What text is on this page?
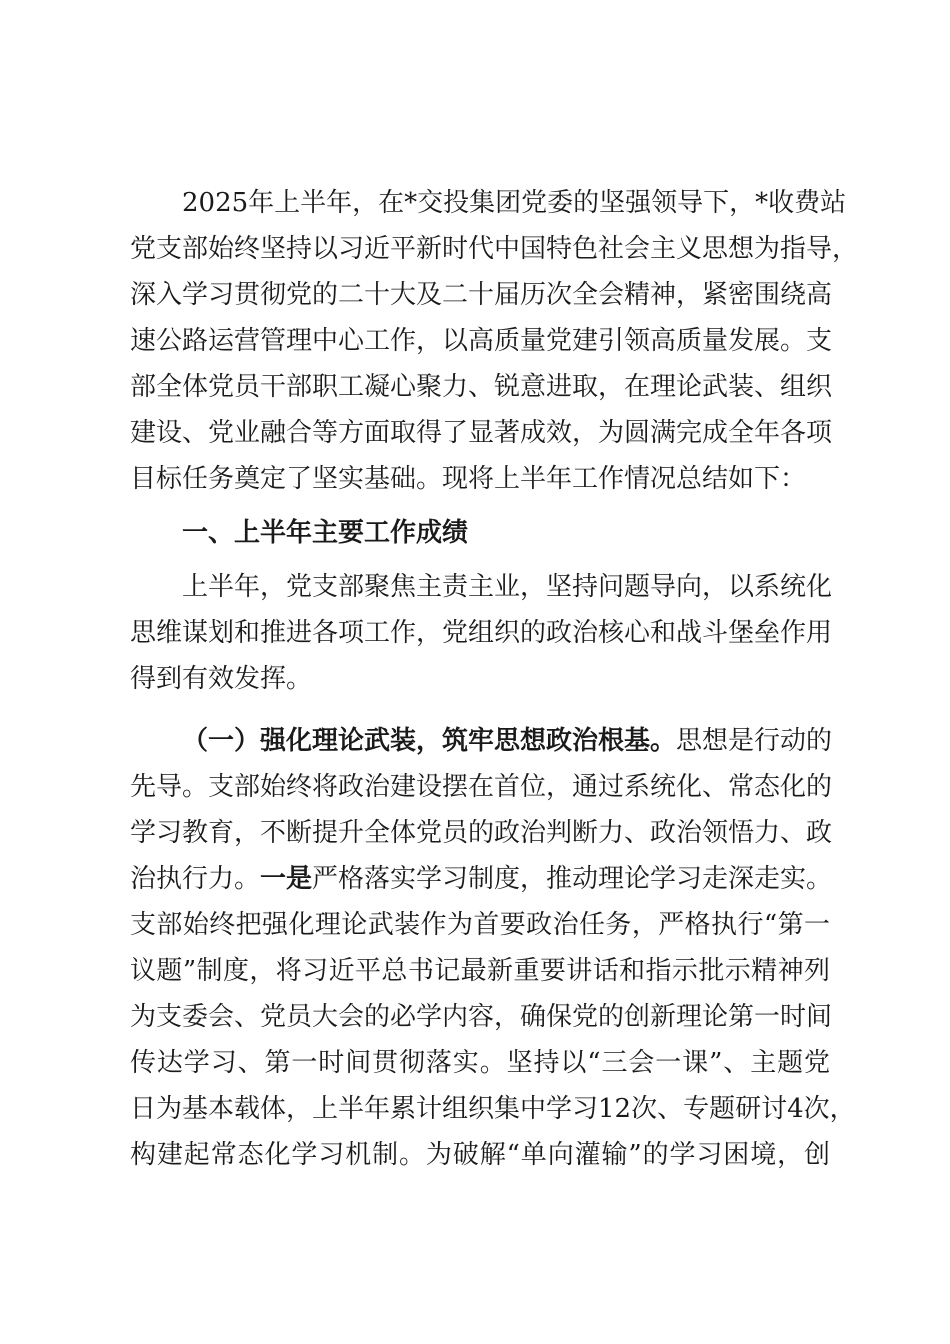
2025年上半年，在*交投集团党委的坚强领导下，*收费站
党支部始终坚持以习近平新时代中国特色社会主义思想为指导，
深入学习贯彻党的二十大及二十届历次全会精神，紧密围绕高
速公路运营管理中心工作，以高质量党建引领高质量发展。支
部全体党员干部职工凝心聚力、锐意进取，在理论武装、组织
建设、党业融合等方面取得了显著成效，为圆满完成全年各项
目标任务奠定了坚实基础。现将上半年工作情况总结如下：
一、上半年主要工作成绩
上半年，党支部聚焦主责主业，坚持问题导向，以系统化
思维谋划和推进各项工作，党组织的政治核心和战斗堡垒作用
得到有效发挥。
（一）强化理论武装，筑牢思想政治根基。思想是行动的
先导。支部始终将政治建设摆在首位，通过系统化、常态化的
学习教育，不断提升全体党员的政治判断力、政治领悟力、政
治执行力。一是严格落实学习制度，推动理论学习走深走实。
支部始终把强化理论武装作为首要政治任务，严格执行“第一
议题”制度，将习近平总书记最新重要讲话和指示批示精神列
为支委会、党员大会的必学内容，确保党的创新理论第一时间
传达学习、第一时间贯彻落实。坚持以“三会一课”、主题党
日为基本载体，上半年累计组织集中学习12次、专题研讨4次，
构建起常态化学习机制。为破解“单向灌输”的学习困境，创
